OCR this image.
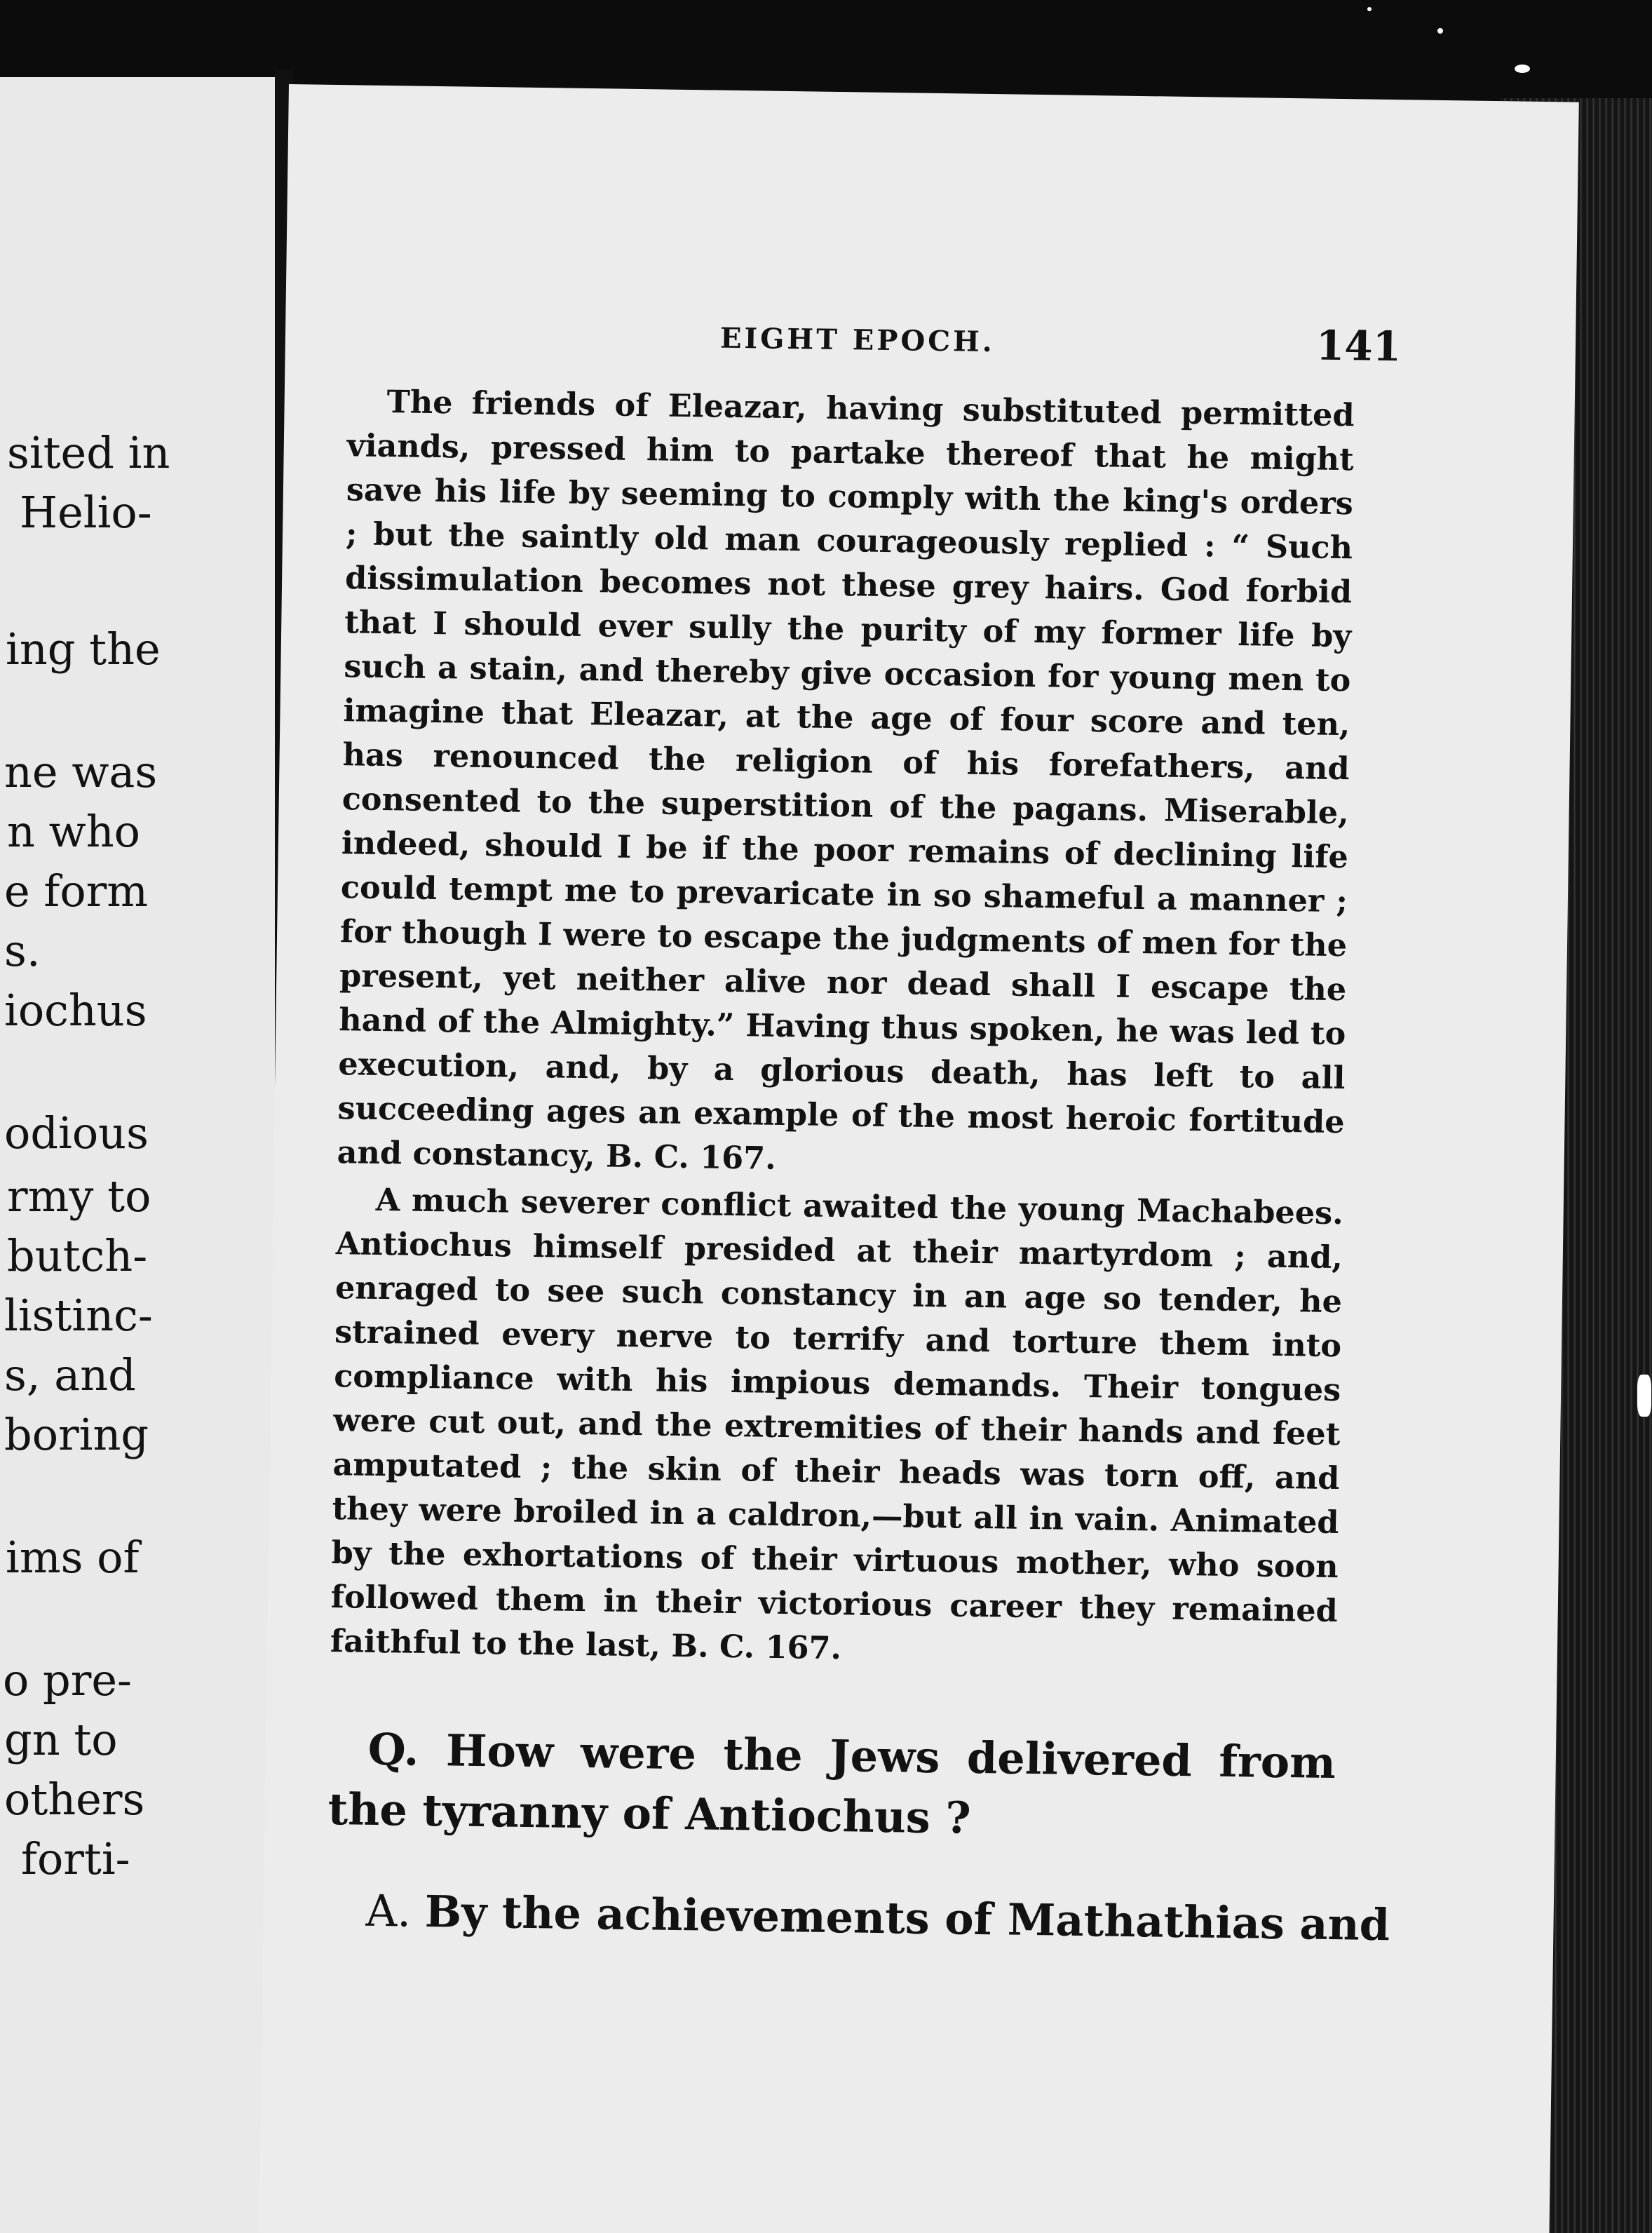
sited in
Helio-
ing the
ne was
n who
e form
s.
iochus
odious
rmy to
butch-
listinc-
s, and
boring
ims of
o pre-
gn to
others
forti-
EIGHT EPOCH.	141

The friends of Eleazar, having substituted permitted viands, pressed him to partake thereof that he might save his life by seeming to comply with the king's orders ; but the saintly old man courageously replied : “ Such dissimulation becomes not these grey hairs. God forbid that I should ever sully the purity of my former life by such a stain, and thereby give occasion for young men to imagine that Eleazar, at the age of four score and ten, has renounced the religion of his forefathers, and consented to the superstition of the pagans. Miserable, indeed, should I be if the poor remains of declining life could tempt me to prevaricate in so shameful a manner ; for though I were to escape the judgments of men for the present, yet neither alive nor dead shall I escape the hand of the Almighty.” Having thus spoken, he was led to execution, and, by a glorious death, has left to all succeeding ages an example of the most heroic fortitude and constancy, B. C. 167.

A much severer conflict awaited the young Machabees. Antiochus himself presided at their martyrdom ; and, enraged to see such constancy in an age so tender, he strained every nerve to terrify and torture them into compliance with his impious demands. Their tongues were cut out, and the extremities of their hands and feet amputated ; the skin of their heads was torn off, and they were broiled in a caldron,—but all in vain. Animated by the exhortations of their virtuous mother, who soon followed them in their victorious career they remained faithful to the last, B. C. 167.

Q. How were the Jews delivered from the tyranny of Antiochus ?

A. By the achievements of Mathathias and
